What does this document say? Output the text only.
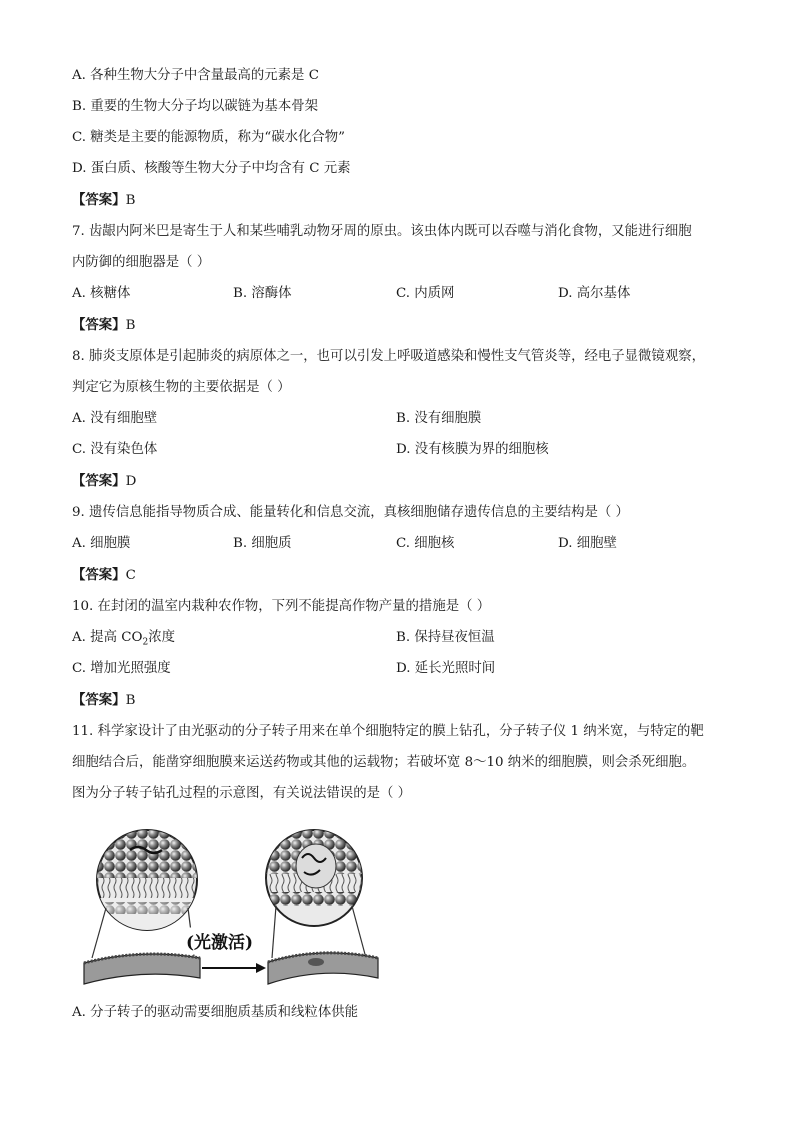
A. 各种生物大分子中含量最高的元素是 C
B. 重要的生物大分子均以碳链为基本骨架
C. 糖类是主要的能源物质，称为“碳水化合物”
D. 蛋白质、核酸等生物大分子中均含有 C 元素
【答案】B
7. 齿龈内阿米巴是寄生于人和某些哺乳动物牙周的原虫。该虫体内既可以吞噬与消化食物，又能进行细胞
内防御的细胞器是（ ）
A. 核糖体	B. 溶酶体	C. 内质网	D. 高尔基体
【答案】B
8. 肺炎支原体是引起肺炎的病原体之一，也可以引发上呼吸道感染和慢性支气管炎等，经电子显微镜观察，
判定它为原核生物的主要依据是（ ）
A. 没有细胞壁	B. 没有细胞膜
C. 没有染色体	D. 没有核膜为界的细胞核
【答案】D
9. 遗传信息能指导物质合成、能量转化和信息交流，真核细胞储存遗传信息的主要结构是（ ）
A. 细胞膜	B. 细胞质	C. 细胞核	D. 细胞壁
【答案】C
10. 在封闭的温室内栽种农作物，下列不能提高作物产量的措施是（ ）
A. 提高 $CO_2$浓度	B. 保持昼夜恒温
C. 增加光照强度	D. 延长光照时间
【答案】B
11. 科学家设计了由光驱动的分子转子用来在单个细胞特定的膜上钻孔，分子转子仪 1 纳米宽，与特定的靶
细胞结合后，能凿穿细胞膜来运送药物或其他的运载物；若破坏宽 8～10 纳米的细胞膜，则会杀死细胞。
图为分子转子钻孔过程的示意图，有关说法错误的是（ ）
(光激活)
A. 分子转子的驱动需要细胞质基质和线粒体供能
